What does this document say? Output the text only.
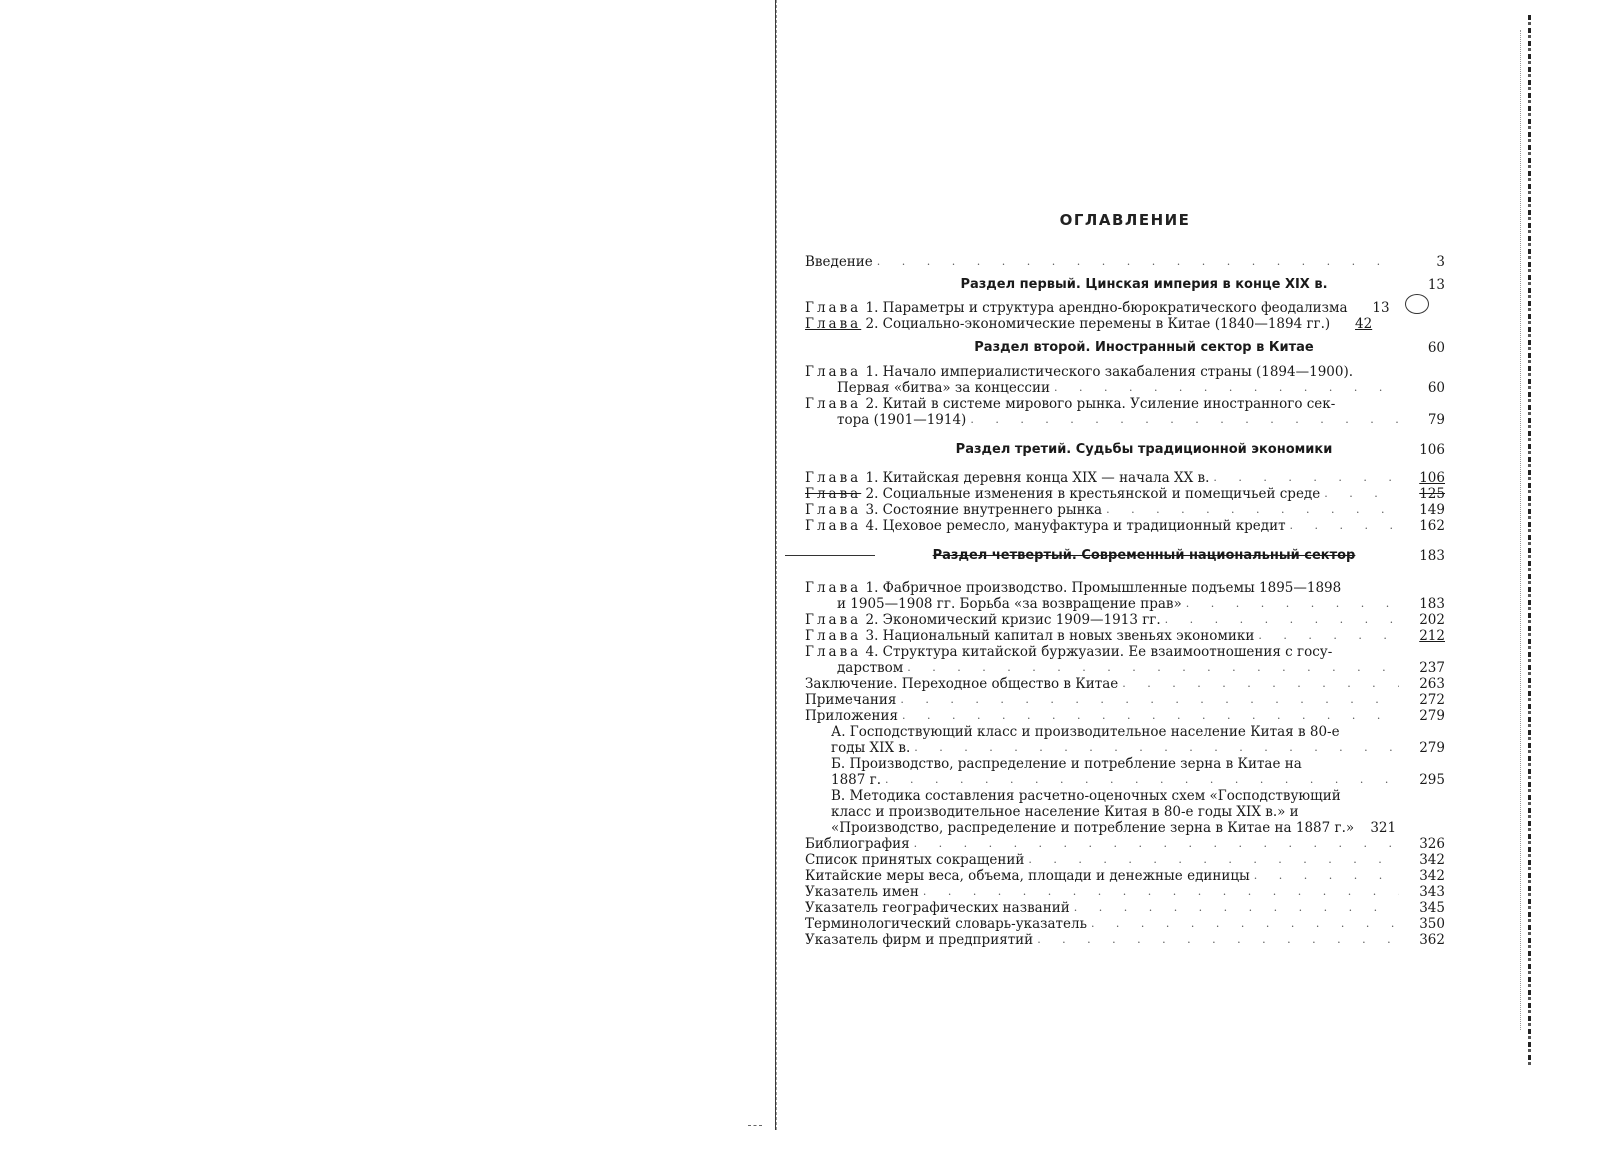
ОГЛАВЛЕНИЕ
Введение . . .	3
Раздел первый. Цинская империя в конце XIX в.	13
Глава 1. Параметры и структура арендно-бюрократического феодализма	13
Глава 2. Социально-экономические перемены в Китае (1840—1894 гг.)	42
Раздел второй. Иностранный сектор в Китае	60
Глава 1. Начало империалистического закабаления страны (1894—1900).
Первая «битва» за концессии . . .	60
Глава 2. Китай в системе мирового рынка. Усиление иностранного сек-
тора (1901—1914) . . .	79
Раздел третий. Судьбы традиционной экономики	106
Глава 1. Китайская деревня конца XIX — начала XX в. . . .	106
Глава 2. Социальные изменения в крестьянской и помещичьей среде . . .	125
Глава 3. Состояние внутреннего рынка . . .	149
Глава 4. Цеховое ремесло, мануфактура и традиционный кредит . . .	162
Раздел четвертый. Современный национальный сектор	183
Глава 1. Фабричное производство. Промышленные подъемы 1895—1898
и 1905—1908 гг. Борьба «за возвращение прав» . . .	183
Глава 2. Экономический кризис 1909—1913 гг. . . .	202
Глава 3. Национальный капитал в новых звеньях экономики . . .	212
Глава 4. Структура китайской буржуазии. Ее взаимоотношения с госу-
дарством . . .	237
Заключение. Переходное общество в Китае . . .	263
Примечания . . .	272
Приложения . . .	279
А. Господствующий класс и производительное население Китая в 80-е
годы XIX в. . . .	279
Б. Производство, распределение и потребление зерна в Китае на
1887 г. . . .	295
В. Методика составления расчетно-оценочных схем «Господствующий
класс и производительное население Китая в 80-е годы XIX в.» и
«Производство, распределение и потребление зерна в Китае на 1887 г.»	321
Библиография . . .	326
Список принятых сокращений . . .	342
Китайские меры веса, объема, площади и денежные единицы . . .	342
Указатель имен . . .	343
Указатель географических названий . . .	345
Терминологический словарь-указатель . . .	350
Указатель фирм и предприятий . . .	362
